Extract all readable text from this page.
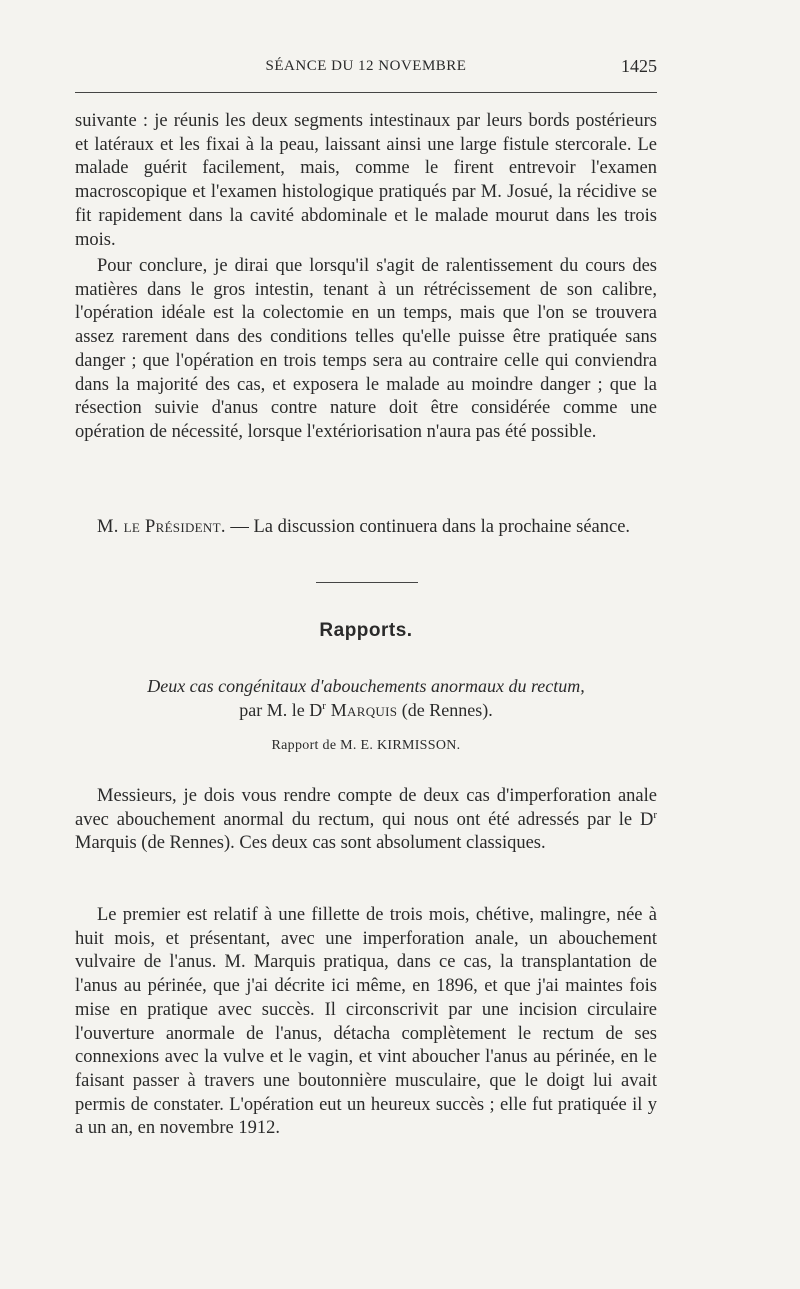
SÉANCE DU 12 NOVEMBRE	1425

suivante : je réunis les deux segments intestinaux par leurs bords postérieurs et latéraux et les fixai à la peau, laissant ainsi une large fistule stercorale. Le malade guérit facilement, mais, comme le firent entrevoir l'examen macroscopique et l'examen histologique pratiqués par M. Josué, la récidive se fit rapidement dans la cavité abdominale et le malade mourut dans les trois mois.

Pour conclure, je dirai que lorsqu'il s'agit de ralentissement du cours des matières dans le gros intestin, tenant à un rétrécissement de son calibre, l'opération idéale est la colectomie en un temps, mais que l'on se trouvera assez rarement dans des conditions telles qu'elle puisse être pratiquée sans danger ; que l'opération en trois temps sera au contraire celle qui conviendra dans la majorité des cas, et exposera le malade au moindre danger ; que la résection suivie d'anus contre nature doit être considérée comme une opération de nécessité, lorsque l'extériorisation n'aura pas été possible.

M. le Président. — La discussion continuera dans la prochaine séance.

Rapports.
Deux cas congénitaux d'abouchements anormaux du rectum,
par M. le $D^r$ Marquis (de Rennes).
Rapport de M. E. KIRMISSON.

Messieurs, je dois vous rendre compte de deux cas d'imperforation anale avec abouchement anormal du rectum, qui nous ont été adressés par le $D^r$ Marquis (de Rennes). Ces deux cas sont absolument classiques.

Le premier est relatif à une fillette de trois mois, chétive, malingre, née à huit mois, et présentant, avec une imperforation anale, un abouchement vulvaire de l'anus. M. Marquis pratiqua, dans ce cas, la transplantation de l'anus au périnée, que j'ai décrite ici même, en 1896, et que j'ai maintes fois mise en pratique avec succès. Il circonscrivit par une incision circulaire l'ouverture anormale de l'anus, détacha complètement le rectum de ses connexions avec la vulve et le vagin, et vint aboucher l'anus au périnée, en le faisant passer à travers une boutonnière musculaire, que le doigt lui avait permis de constater. L'opération eut un heureux succès ; elle fut pratiquée il y a un an, en novembre 1912.
